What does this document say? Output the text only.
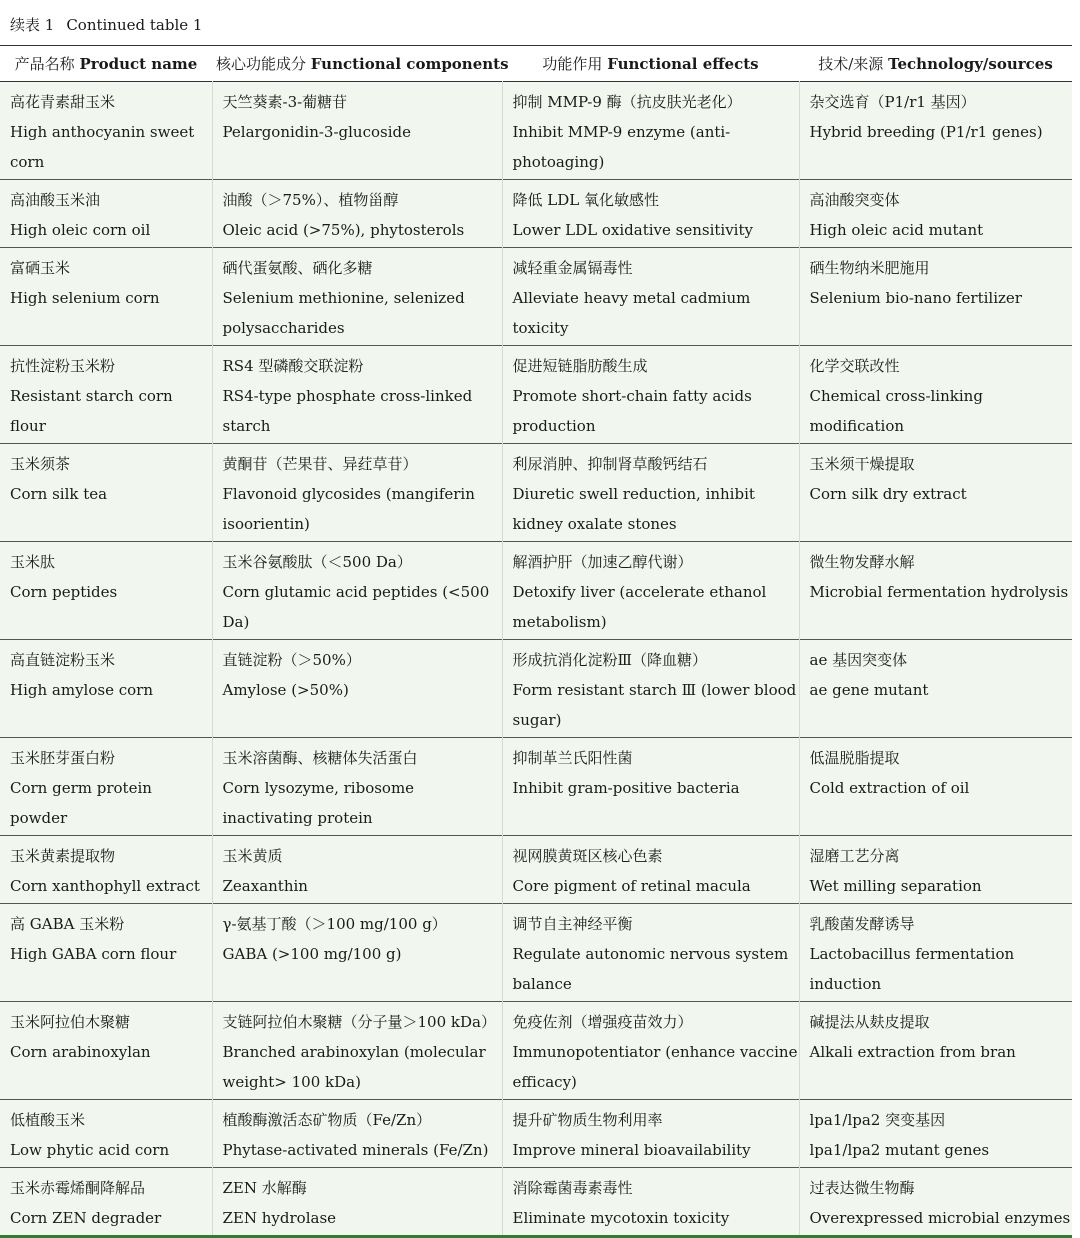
续表 1 Continued table 1
产品名称 Product name	核心功能成分 Functional components	功能作用 Functional effects	技术/来源 Technology/sources

高花青素甜玉米
High anthocyanin sweet corn	天竺葵素-3-葡糖苷
Pelargonidin-3-glucoside	抑制 MMP-9 酶（抗皮肤光老化）
Inhibit MMP-9 enzyme (anti-photoaging)	杂交选育（P1/r1 基因）
Hybrid breeding (P1/r1 genes)

高油酸玉米油
High oleic corn oil	油酸（＞75%）、植物甾醇
Oleic acid (>75%), phytosterols	降低 LDL 氧化敏感性
Lower LDL oxidative sensitivity	高油酸突变体
High oleic acid mutant

富硒玉米
High selenium corn	硒代蛋氨酸、硒化多糖
Selenium methionine, selenized polysaccharides	减轻重金属镉毒性
Alleviate heavy metal cadmium toxicity	硒生物纳米肥施用
Selenium bio-nano fertilizer

抗性淀粉玉米粉
Resistant starch corn flour	RS4 型磷酸交联淀粉
RS4-type phosphate cross-linked starch	促进短链脂肪酸生成
Promote short-chain fatty acids production	化学交联改性
Chemical cross-linking modification

玉米须茶
Corn silk tea	黄酮苷（芒果苷、异荭草苷）
Flavonoid glycosides (mangiferin isoorientin)	利尿消肿、抑制肾草酸钙结石
Diuretic swell reduction, inhibit kidney oxalate stones	玉米须干燥提取
Corn silk dry extract

玉米肽
Corn peptides	玉米谷氨酸肽（＜500 Da）
Corn glutamic acid peptides (<500 Da)	解酒护肝（加速乙醇代谢）
Detoxify liver (accelerate ethanol metabolism)	微生物发酵水解
Microbial fermentation hydrolysis

高直链淀粉玉米
High amylose corn	直链淀粉（＞50%）
Amylose (>50%)	形成抗消化淀粉Ⅲ（降血糖）
Form resistant starch Ⅲ (lower blood sugar)	ae 基因突变体
ae gene mutant

玉米胚芽蛋白粉
Corn germ protein powder	玉米溶菌酶、核糖体失活蛋白
Corn lysozyme, ribosome inactivating protein	抑制革兰氏阳性菌
Inhibit gram-positive bacteria	低温脱脂提取
Cold extraction of oil

玉米黄素提取物
Corn xanthophyll extract	玉米黄质
Zeaxanthin	视网膜黄斑区核心色素
Core pigment of retinal macula	湿磨工艺分离
Wet milling separation

高 GABA 玉米粉
High GABA corn flour	γ-氨基丁酸（＞100 mg/100 g）
GABA (>100 mg/100 g)	调节自主神经平衡
Regulate autonomic nervous system balance	乳酸菌发酵诱导
Lactobacillus fermentation induction

玉米阿拉伯木聚糖
Corn arabinoxylan	支链阿拉伯木聚糖（分子量＞100 kDa）
Branched arabinoxylan (molecular weight> 100 kDa)	免疫佐剂（增强疫苗效力）
Immunopotentiator (enhance vaccine efficacy)	碱提法从麸皮提取
Alkali extraction from bran

低植酸玉米
Low phytic acid corn	植酸酶激活态矿物质（Fe/Zn）
Phytase-activated minerals (Fe/Zn)	提升矿物质生物利用率
Improve mineral bioavailability	lpa1/lpa2 突变基因
lpa1/lpa2 mutant genes

玉米赤霉烯酮降解品
Corn ZEN degrader	ZEN 水解酶
ZEN hydrolase	消除霉菌毒素毒性
Eliminate mycotoxin toxicity	过表达微生物酶
Overexpressed microbial enzymes
